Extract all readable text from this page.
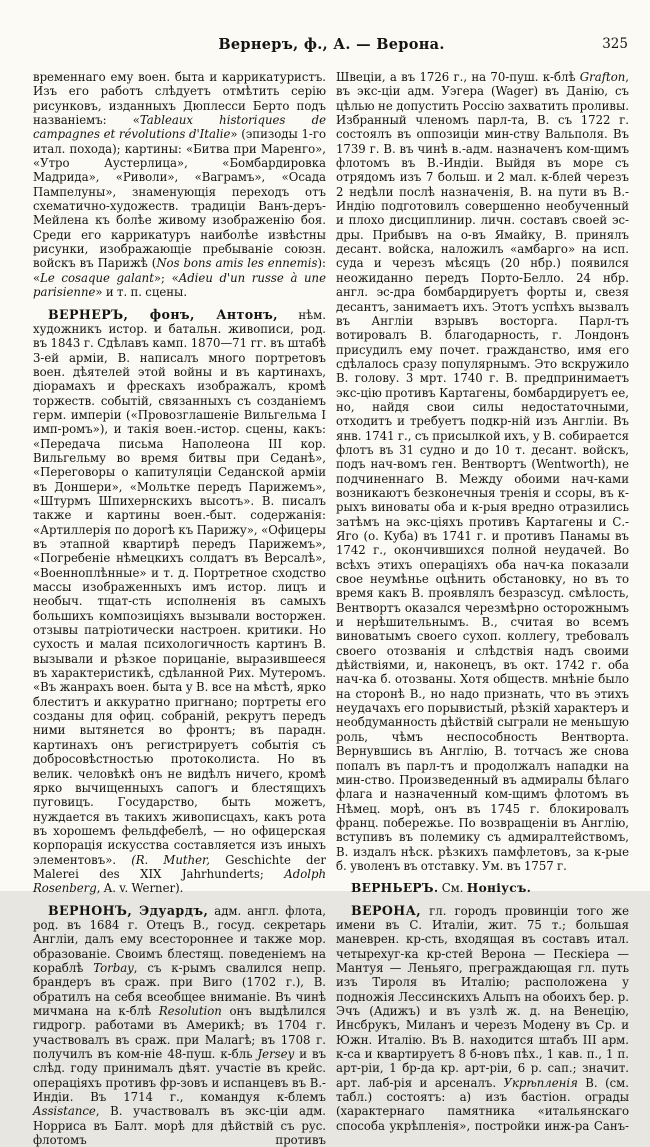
Вернеръ, ф., А. — Верона.	325

временнаго ему воен. быта и каррикатуристъ. Изъ его работъ слѣдуетъ отмѣтить серію рисунковъ, изданныхъ Дюплесси Берто подъ названіемъ: «Tableaux historiques de campagnes et révolutions d'Italie» (эпизоды 1-го итал. похода); картины: «Битва при Маренго», «Утро Аустерлица», «Бомбардировка Мадрида», «Риволи», «Ваграмъ», «Осада Пампелуны», знаменующія переходъ отъ схематично-художеств. традиціи Ванъ-деръ-Мейлена къ болѣе живому изображенію боя. Среди его каррикатуръ наиболѣе извѣстны рисунки, изображающіе пребываніе союзн. войскъ въ Парижѣ (Nos bons amis les ennemis): «Le cosaque galant»; «Adieu d'un russe à une parisienne» и т. п. сцены.

ВЕРНЕРЪ, фонъ, Антонъ, нѣм. художникъ истор. и батальн. живописи, род. въ 1843 г. Сдѣлавъ камп. 1870—71 гг. въ штабѣ 3-ей арміи, В. написалъ много портретовъ воен. дѣятелей этой войны и въ картинахъ, діорамахъ и фрескахъ изображалъ, кромѣ торжеств. событій, связанныхъ съ созданіемъ герм. имперіи («Провозглашеніе Вильгельма I имп-ромъ»), и такія воен.-истор. сцены, какъ: «Передача письма Наполеона III кор. Вильгельму во время битвы при Седанѣ», «Переговоры о капитуляціи Седанской арміи въ Доншери», «Мольтке передъ Парижемъ», «Штурмъ Шпихернскихъ высотъ». В. писалъ также и картины воен.-быт. содержанія: «Артиллерія по дорогѣ къ Парижу», «Офицеры въ этапной квартирѣ передъ Парижемъ», «Погребеніе нѣмецкихъ солдатъ въ Версалѣ», «Военноплѣнные» и т. д. Портретное сходство массы изображенныхъ имъ истор. лицъ и необыч. тщат-сть исполненія въ самыхъ большихъ композиціяхъ вызывали восторжен. отзывы патріотически настроен. критики. Но сухость и малая психологичность картинъ В. вызывали и рѣзкое порицаніе, выразившееся въ характеристикѣ, сдѣланной Рих. Мутеромъ. «Въ жанрахъ воен. быта у В. все на мѣстѣ, ярко блеститъ и аккуратно пригнано; портреты его созданы для офиц. собраній, рекрутъ передъ ними вытянется во фронтъ; въ парадн. картинахъ онъ регистрируетъ событія съ добросовѣстностью протоколиста. Но въ велик. человѣкѣ онъ не видѣлъ ничего, кромѣ ярко вычищенныхъ сапогъ и блестящихъ пуговицъ. Государство, быть можетъ, нуждается въ такихъ живописцахъ, какъ рота въ хорошемъ фельдфебелѣ, — но офицерская корпорація искусства составляется изъ иныхъ элементовъ». (R. Muther, Geschichte der Malerei des XIX Jahrhunderts; Adolph Rosenberg, A. v. Werner).

ВЕРНОНЪ, Эдуардъ, адм. англ. флота, род. въ 1684 г. Отецъ В., госуд. секретарь Англіи, далъ ему всестороннее и также мор. образованіе. Своимъ блестящ. поведеніемъ на кораблѣ Torbay, съ к-рымъ свалился непр. брандеръ въ сраж. при Виго (1702 г.), В. обратилъ на себя всеобщее вниманіе. Въ чинѣ мичмана на к-блѣ Resolution онъ выдѣлился гидрогр. работами въ Америкѣ; въ 1704 г. участвовалъ въ сраж. при Малагѣ; въ 1708 г. получилъ въ ком-ніе 48-пуш. к-бль Jersey и въ слѣд. году принималъ дѣят. участіе въ крейс. операціяхъ противъ фр-зовъ и испанцевъ въ В.-Индіи. Въ 1714 г., командуя к-блемъ Assistance, В. участвовалъ въ экс-ціи адм. Норриса въ Балт. морѣ для дѣйствій съ рус. флотомъ противъ

Швеціи, а въ 1726 г., на 70-пуш. к-блѣ Grafton, въ экс-ціи адм. Уэгера (Wager) въ Данію, съ цѣлью не допустить Россію захватить проливы. Избранный членомъ парл-та, В. съ 1722 г. состоялъ въ оппозиціи мин-ству Вальполя. Въ 1739 г. В. въ чинѣ в.-адм. назначенъ ком-щимъ флотомъ въ В.-Индіи. Выйдя въ море съ отрядомъ изъ 7 больш. и 2 мал. к-блей черезъ 2 недѣли послѣ назначенія, В. на пути въ В.-Индію подготовилъ совершенно необученный и плохо дисциплинир. личн. составъ своей эс-дры. Прибывъ на о-въ Ямайку, В. принялъ десант. войска, наложилъ «амбарго» на исп. суда и черезъ мѣсяцъ (20 нбр.) появился неожиданно передъ Порто-Белло. 24 нбр. англ. эс-дра бомбардируетъ форты и, свезя десантъ, занимаетъ ихъ. Этотъ успѣхъ вызвалъ въ Англіи взрывъ восторга. Парл-тъ вотировалъ В. благодарность, г. Лондонъ присудилъ ему почет. гражданство, имя его сдѣлалось сразу популярнымъ. Это вскружило В. голову. 3 мрт. 1740 г. В. предпринимаетъ экс-цію противъ Картагены, бомбардируетъ ее, но, найдя свои силы недостаточными, отходитъ и требуетъ подкр-ній изъ Англіи. Въ янв. 1741 г., съ присылкой ихъ, у В. собирается флотъ въ 31 судно и до 10 т. десант. войскъ, подъ нач-вомъ ген. Вентвортъ (Wentworth), не подчиненнаго В. Между обоими нач-ками возникаютъ безконечныя тренія и ссоры, въ к-рыхъ виноваты оба и к-рыя вредно отразились затѣмъ на экс-ціяхъ противъ Картагены и С.-Яго (о. Куба) въ 1741 г. и противъ Панамы въ 1742 г., окончившихся полной неудачей. Во всѣхъ этихъ операціяхъ оба нач-ка показали свое неумѣнье оцѣнить обстановку, но въ то время какъ В. проявлялъ безразсуд. смѣлость, Вентвортъ оказался черезмѣрно осторожнымъ и нерѣшительнымъ. В., считая во всемъ виноватымъ своего сухоп. коллегу, требовалъ своего отозванія и слѣдствія надъ своими дѣйствіями, и, наконецъ, въ окт. 1742 г. оба нач-ка б. отозваны. Хотя обществ. мнѣніе было на сторонѣ В., но надо признать, что въ этихъ неудачахъ его порывистый, рѣзкій характеръ и необдуманность дѣйствій сыграли не меньшую роль, чѣмъ неспособность Вентворта. Вернувшись въ Англію, В. тотчасъ же снова попалъ въ парл-тъ и продолжалъ нападки на мин-ство. Произведенный въ адмиралы бѣлаго флага и назначенный ком-щимъ флотомъ въ Нѣмец. морѣ, онъ въ 1745 г. блокировалъ франц. побережье. По возвращеніи въ Англію, вступивъ въ полемику съ адмиралтействомъ, В. издалъ нѣск. рѣзкихъ памфлетовъ, за к-рые б. уволенъ въ отставку. Ум. въ 1757 г.

ВЕРНЬЕРЪ. См. Ноніусъ.

ВЕРОНА, гл. городъ провинціи того же имени въ С. Италіи, жит. 75 т.; большая маневрен. кр-сть, входящая въ составъ итал. четырехуг-ка кр-стей Верона — Пескіера — Мантуя — Леньяго, преграждающая гл. путь изъ Тироля въ Италію; расположена у подножія Лессинскихъ Альпъ на обоихъ бер. р. Эчъ (Адижъ) и въ узлѣ ж. д. на Венецію, Инсбрукъ, Миланъ и черезъ Модену въ Ср. и Южн. Италію. Въ В. находится штабъ III арм. к-са и квартируетъ 8 б-новъ пѣх., 1 кав. п., 1 п. арт-ріи, 1 бр-да кр. арт-ріи, 6 р. сап.; значит. арт. лаб-рія и арсеналъ. Укрѣпленія В. (см. табл.) состоятъ: а) изъ бастіон. ограды (характернаго памятника «итальянскаго способа укрѣпленія», постройки инж-ра Санъ-
